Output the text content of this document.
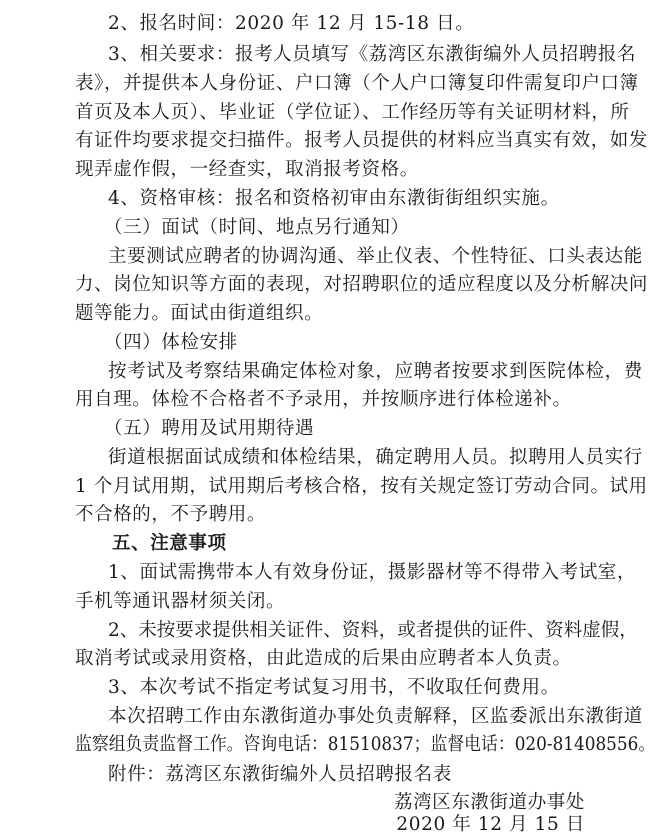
2、报名时间：2020 年 12 月 15-18 日。
3、相关要求：报考人员填写《荔湾区东漖街编外人员招聘报名
表》，并提供本人身份证、户口簿（个人户口簿复印件需复印户口簿
首页及本人页）、毕业证（学位证）、工作经历等有关证明材料，所
有证件均要求提交扫描件。报考人员提供的材料应当真实有效，如发
现弄虚作假，一经查实，取消报考资格。
4、资格审核：报名和资格初审由东漖街街组织实施。
（三）面试（时间、地点另行通知）
主要测试应聘者的协调沟通、举止仪表、个性特征、口头表达能
力、岗位知识等方面的表现，对招聘职位的适应程度以及分析解决问
题等能力。面试由街道组织。
（四）体检安排
按考试及考察结果确定体检对象，应聘者按要求到医院体检，费
用自理。体检不合格者不予录用，并按顺序进行体检递补。
（五）聘用及试用期待遇
街道根据面试成绩和体检结果，确定聘用人员。拟聘用人员实行
1 个月试用期，试用期后考核合格，按有关规定签订劳动合同。试用
不合格的，不予聘用。
五、注意事项
1、面试需携带本人有效身份证，摄影器材等不得带入考试室，
手机等通讯器材须关闭。
2、未按要求提供相关证件、资料，或者提供的证件、资料虚假，
取消考试或录用资格，由此造成的后果由应聘者本人负责。
3、本次考试不指定考试复习用书，不收取任何费用。
本次招聘工作由东漖街道办事处负责解释，区监委派出东漖街道
监察组负责监督工作。咨询电话：81510837；监督电话：020-81408556。
附件：荔湾区东漖街编外人员招聘报名表
荔湾区东漖街道办事处
2020 年 12 月 15 日
